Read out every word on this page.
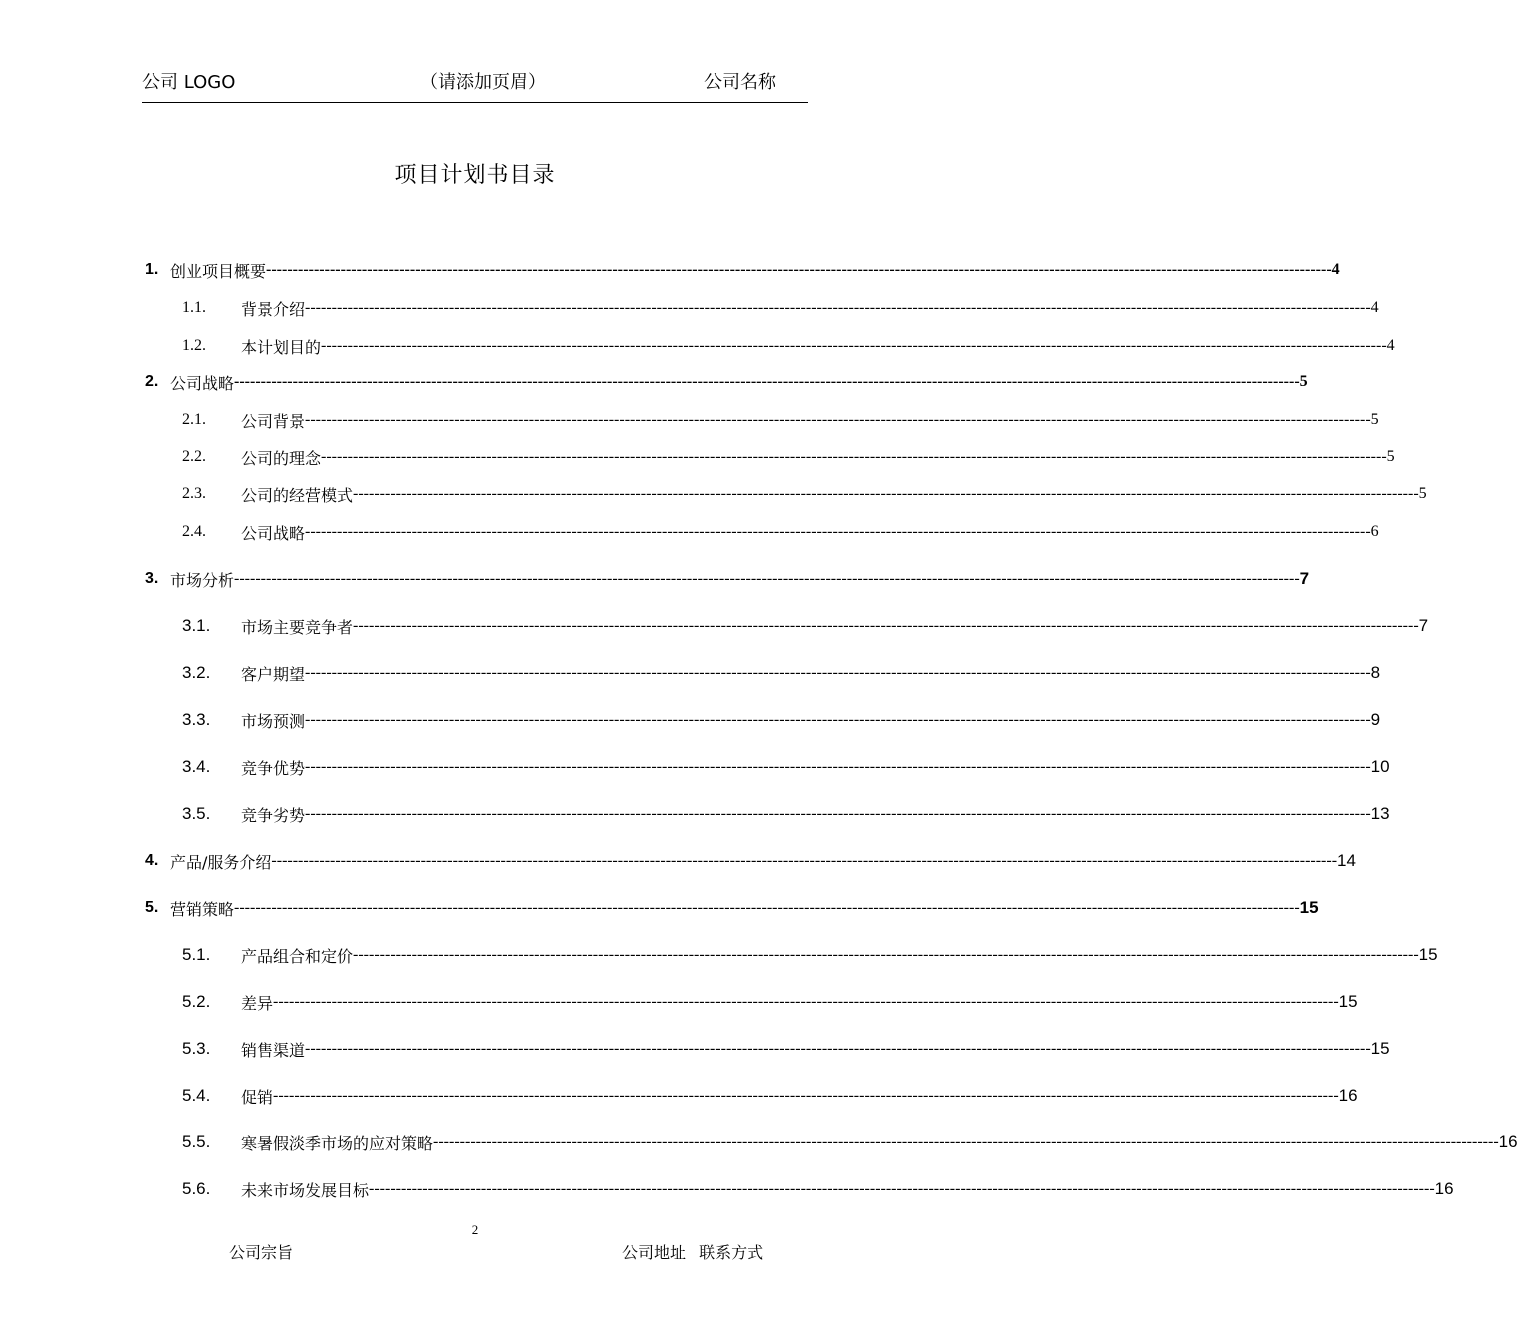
公司 LOGO	（请添加页眉）	公司名称
项目计划书目录
1. 创业项目概要 -------------------------------------------------------------------------------------------------------------------------------------------------------------------------------------------------------- 4
1.1.	背景介绍 -------------------------------------------------------------------------------------------------------------------------------------------------------------------------------------------------------- 4
1.2.	本计划目的 -------------------------------------------------------------------------------------------------------------------------------------------------------------------------------------------------------- 4
2. 公司战略 -------------------------------------------------------------------------------------------------------------------------------------------------------------------------------------------------------- 5
2.1.	公司背景 -------------------------------------------------------------------------------------------------------------------------------------------------------------------------------------------------------- 5
2.2.	公司的理念 -------------------------------------------------------------------------------------------------------------------------------------------------------------------------------------------------------- 5
2.3.	公司的经营模式 -------------------------------------------------------------------------------------------------------------------------------------------------------------------------------------------------------- 5
2.4.	公司战略 -------------------------------------------------------------------------------------------------------------------------------------------------------------------------------------------------------- 6
3. 市场分析 -------------------------------------------------------------------------------------------------------------------------------------------------------------------------------------------------------- 7
3.1.	市场主要竞争者 -------------------------------------------------------------------------------------------------------------------------------------------------------------------------------------------------------- 7
3.2.	客户期望 -------------------------------------------------------------------------------------------------------------------------------------------------------------------------------------------------------- 8
3.3.	市场预测 -------------------------------------------------------------------------------------------------------------------------------------------------------------------------------------------------------- 9
3.4.	竞争优势 -------------------------------------------------------------------------------------------------------------------------------------------------------------------------------------------------------- 10
3.5.	竞争劣势 -------------------------------------------------------------------------------------------------------------------------------------------------------------------------------------------------------- 13
4. 产品/服务介绍 -------------------------------------------------------------------------------------------------------------------------------------------------------------------------------------------------------- 14
5. 营销策略 -------------------------------------------------------------------------------------------------------------------------------------------------------------------------------------------------------- 15
5.1.	产品组合和定价 -------------------------------------------------------------------------------------------------------------------------------------------------------------------------------------------------------- 15
5.2.	差异 -------------------------------------------------------------------------------------------------------------------------------------------------------------------------------------------------------- 15
5.3.	销售渠道 -------------------------------------------------------------------------------------------------------------------------------------------------------------------------------------------------------- 15
5.4.	促销 -------------------------------------------------------------------------------------------------------------------------------------------------------------------------------------------------------- 16
5.5.	寒暑假淡季市场的应对策略 -------------------------------------------------------------------------------------------------------------------------------------------------------------------------------------------------------- 16
5.6.	未来市场发展目标 -------------------------------------------------------------------------------------------------------------------------------------------------------------------------------------------------------- 16
2
公司宗旨	公司地址 联系方式
